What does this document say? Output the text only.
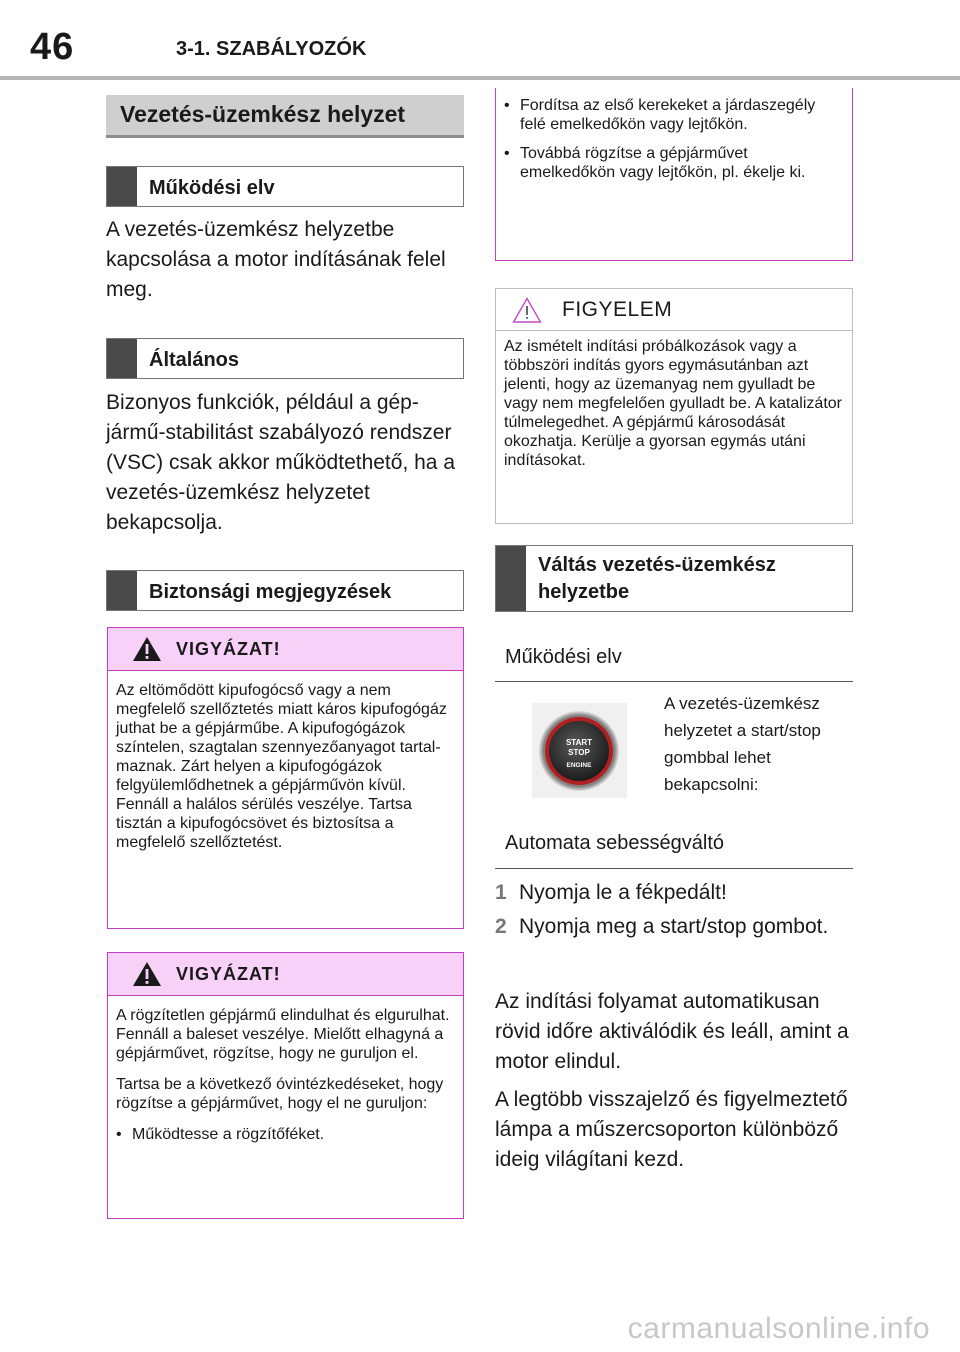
46	3-1. SZABÁLYOZÓK
Vezetés-üzemkész helyzet
Működési elv
A vezetés-üzemkész helyzetbe kapcsolása a motor indításának felel meg.
Általános
Bizonyos funkciók, például a gépjármű-stabilitást szabályozó rendszer (VSC) csak akkor működtethető, ha a vezetés-üzemkész helyzetet bekapcsolja.
Biztonsági megjegyzések
VIGYÁZAT!
Az eltömődött kipufogócső vagy a nem megfelelő szellőztetés miatt káros kipufogógáz juthat be a gépjárműbe. A kipufogógázok színtelen, szagtalan szennyezőanyagot tartalmaznak. Zárt helyen a kipufogógázok felgyülemlődhetnek a gépjárművön kívül. Fennáll a halálos sérülés veszélye. Tartsa tisztán a kipufogócsövet és biztosítsa a megfelelő szellőztetést.
VIGYÁZAT!

A rögzítetlen gépjármű elindulhat és elgurulhat. Fennáll a baleset veszélye. Mielőtt elhagyná a gépjárművet, rögzítse, hogy ne guruljon el.

Tartsa be a következő óvintézkedéseket, hogy rögzítse a gépjárművet, hogy el ne guruljon:

• Működtesse a rögzítőféket.
• Fordítsa az első kerekeket a járdaszegély felé emelkedőkön vagy lejtőkön.
• Továbbá rögzítse a gépjárművet emelkedőkön vagy lejtőkön, pl. ékelje ki.
FIGYELEM
Az ismételt indítási próbálkozások vagy a többszöri indítás gyors egymásutánban azt jelenti, hogy az üzemanyag nem gyulladt be vagy nem megfelelően gyulladt be. A katalizátor túlmelegedhet. A gépjármű károsodását okozhatja. Kerülje a gyorsan egymás utáni indításokat.
Váltás vezetés-üzemkész helyzetbe
Működési elv
START
STOP
ENGINE
A vezetés-üzemkész helyzetet a start/stop gombbal lehet bekapcsolni:
Automata sebességváltó
1 Nyomja le a fékpedált!
2 Nyomja meg a start/stop gombot.
Az indítási folyamat automatikusan rövid időre aktiválódik és leáll, amint a motor elindul.
A legtöbb visszajelző és figyelmeztető lámpa a műszercsoporton különböző ideig világítani kezd.
carmanualsonline.info
